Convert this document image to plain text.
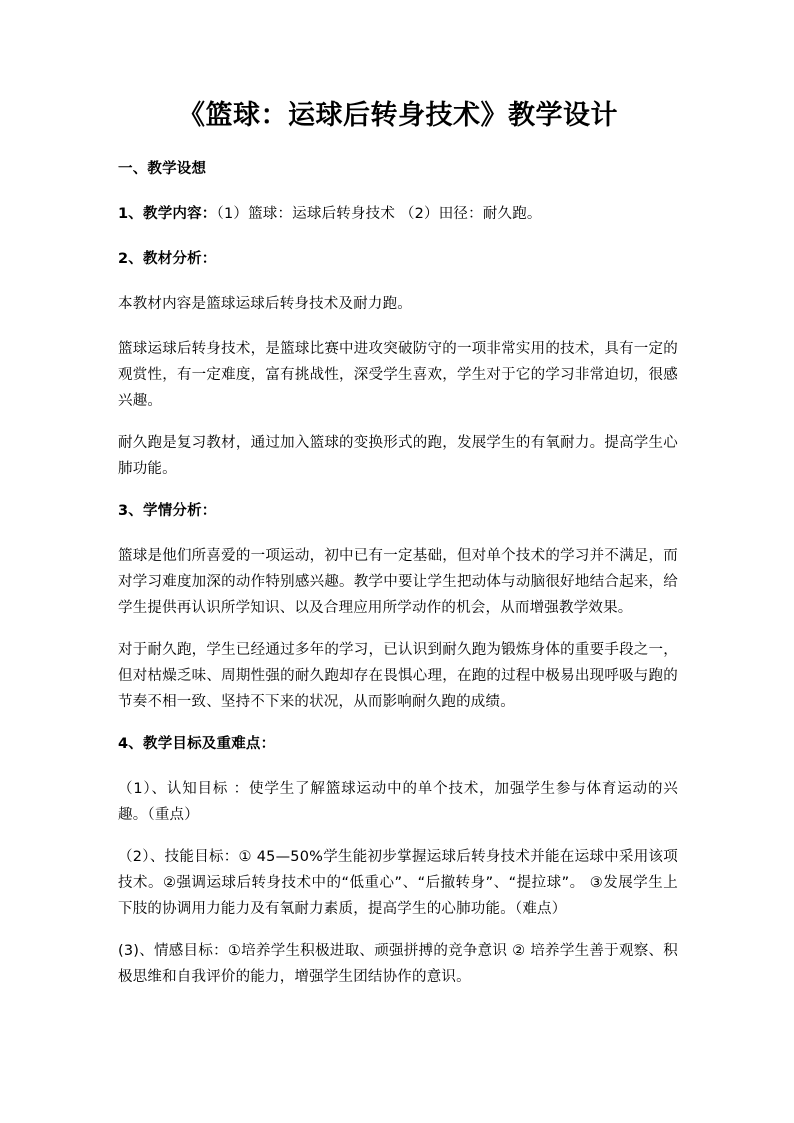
《篮球：运球后转身技术》教学设计
一、教学设想
1、教学内容：（1）篮球：运球后转身技术 （2）田径：耐久跑。
2、教材分析：
本教材内容是篮球运球后转身技术及耐力跑。
篮球运球后转身技术，是篮球比赛中进攻突破防守的一项非常实用的技术，具有一定的观赏性，有一定难度，富有挑战性，深受学生喜欢，学生对于它的学习非常迫切，很感兴趣。
耐久跑是复习教材，通过加入篮球的变换形式的跑，发展学生的有氧耐力。提高学生心肺功能。
3、学情分析：
篮球是他们所喜爱的一项运动，初中已有一定基础，但对单个技术的学习并不满足，而对学习难度加深的动作特别感兴趣。教学中要让学生把动体与动脑很好地结合起来，给学生提供再认识所学知识、以及合理应用所学动作的机会，从而增强教学效果。
对于耐久跑，学生已经通过多年的学习，已认识到耐久跑为锻炼身体的重要手段之一，但对枯燥乏味、周期性强的耐久跑却存在畏惧心理，在跑的过程中极易出现呼吸与跑的节奏不相一致、坚持不下来的状况，从而影响耐久跑的成绩。
4、教学目标及重难点：
（1）、认知目标 ：使学生了解篮球运动中的单个技术，加强学生参与体育运动的兴趣。（重点）
（2）、技能目标：① 45—50%学生能初步掌握运球后转身技术并能在运球中采用该项技术。②强调运球后转身技术中的“低重心”、“后撤转身”、“提拉球”。 ③发展学生上下肢的协调用力能力及有氧耐力素质，提高学生的心肺功能。（难点）
(3)、情感目标：①培养学生积极进取、顽强拼搏的竞争意识 ② 培养学生善于观察、积极思维和自我评价的能力，增强学生团结协作的意识。
